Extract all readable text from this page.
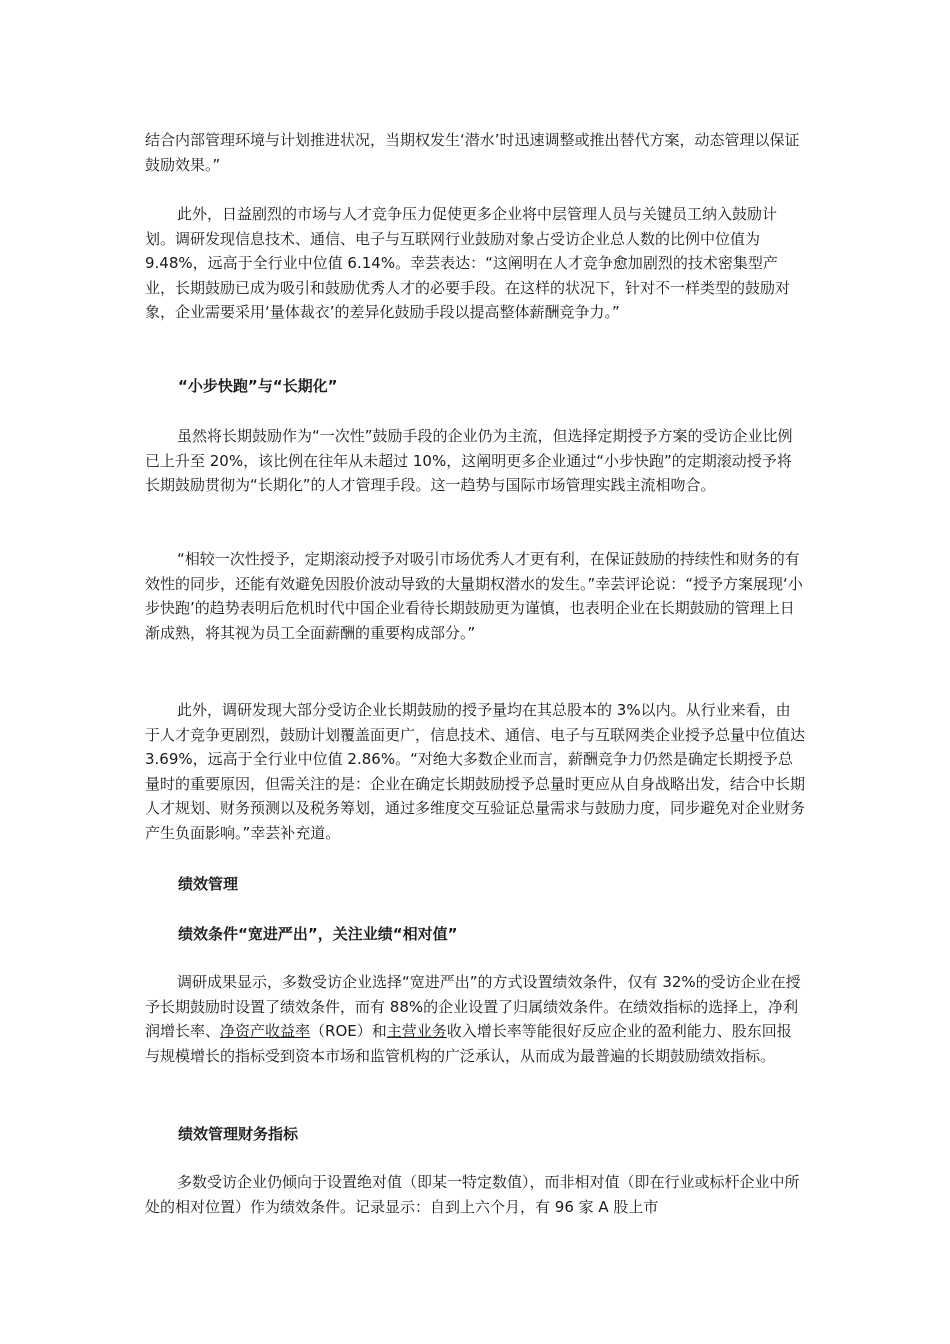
结合内部管理环境与计划推进状况，当期权发生‘潜水’时迅速调整或推出替代方案，动态管理以保证鼓励效果。”

此外，日益剧烈的市场与人才竞争压力促使更多企业将中层管理人员与关键员工纳入鼓励计划。调研发现信息技术、通信、电子与互联网行业鼓励对象占受访企业总人数的比例中位值为 9.48%，远高于全行业中位值 6.14%。幸芸表达：“这阐明在人才竞争愈加剧烈的技术密集型产业，长期鼓励已成为吸引和鼓励优秀人才的必要手段。在这样的状况下，针对不一样类型的鼓励对象，企业需要采用‘量体裁衣’的差异化鼓励手段以提高整体薪酬竞争力。”

“小步快跑”与“长期化”

虽然将长期鼓励作为“一次性”鼓励手段的企业仍为主流，但选择定期授予方案的受访企业比例已上升至 20%，该比例在往年从未超过 10%，这阐明更多企业通过“小步快跑”的定期滚动授予将长期鼓励贯彻为“长期化”的人才管理手段。这一趋势与国际市场管理实践主流相吻合。

“相较一次性授予，定期滚动授予对吸引市场优秀人才更有利，在保证鼓励的持续性和财务的有效性的同步，还能有效避免因股价波动导致的大量期权潜水的发生。”幸芸评论说：“授予方案展现‘小步快跑’的趋势表明后危机时代中国企业看待长期鼓励更为谨慎，也表明企业在长期鼓励的管理上日渐成熟，将其视为员工全面薪酬的重要构成部分。”

此外，调研发现大部分受访企业长期鼓励的授予量均在其总股本的 3%以内。从行业来看，由于人才竞争更剧烈，鼓励计划覆盖面更广，信息技术、通信、电子与互联网类企业授予总量中位值达 3.69%，远高于全行业中位值 2.86%。“对绝大多数企业而言，薪酬竞争力仍然是确定长期授予总量时的重要原因，但需关注的是：企业在确定长期鼓励授予总量时更应从自身战略出发，结合中长期人才规划、财务预测以及税务筹划，通过多维度交互验证总量需求与鼓励力度，同步避免对企业财务产生负面影响。”幸芸补充道。

绩效管理

绩效条件“宽进严出”，关注业绩“相对值”

调研成果显示，多数受访企业选择“宽进严出”的方式设置绩效条件，仅有 32%的受访企业在授予长期鼓励时设置了绩效条件，而有 88%的企业设置了归属绩效条件。在绩效指标的选择上，净利润增长率、净资产收益率（ROE）和主营业务收入增长率等能很好反应企业的盈利能力、股东回报与规模增长的指标受到资本市场和监管机构的广泛承认，从而成为最普遍的长期鼓励绩效指标。

绩效管理财务指标

多数受访企业仍倾向于设置绝对值（即某一特定数值），而非相对值（即在行业或标杆企业中所处的相对位置）作为绩效条件。记录显示：自到上六个月，有 96 家 A 股上市
